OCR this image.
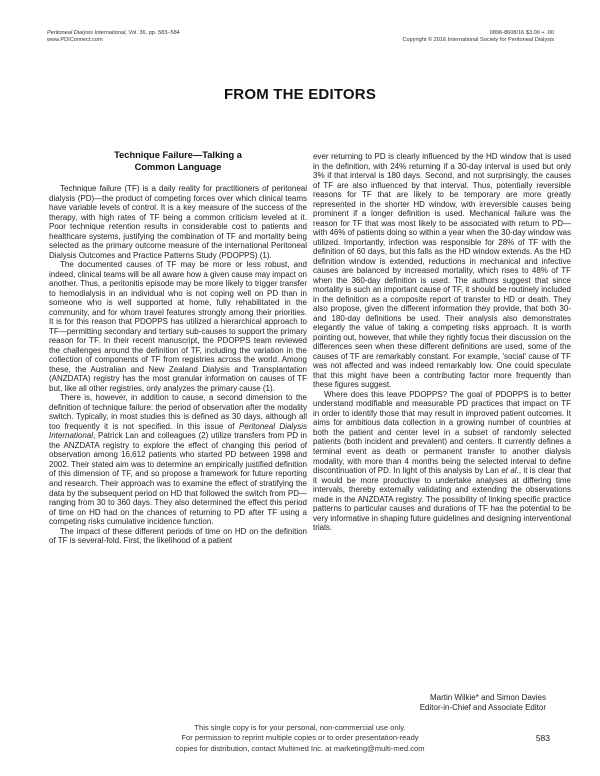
Peritoneal Dialysis International, Vol. 36, pp. 583–584
www.PDIConnect.com
0896-8608/16 $3.00 + .00
Copyright © 2016 International Society for Peritoneal Dialysis
FROM THE EDITORS
Technique Failure—Talking a
Common Language

Technique failure (TF) is a daily reality for practitioners of peritoneal dialysis (PD)—the product of competing forces over which clinical teams have variable levels of control. It is a key measure of the success of the therapy, with high rates of TF being a common criticism leveled at it. Poor technique retention results in considerable cost to patients and healthcare systems, justifying the combination of TF and mortality being selected as the primary outcome measure of the international Peritoneal Dialysis Outcomes and Practice Patterns Study (PDOPPS) (1).

The documented causes of TF may be more or less robust, and indeed, clinical teams will be all aware how a given cause may impact on another. Thus, a peritonitis episode may be more likely to trigger transfer to hemodialysis in an individual who is not coping well on PD than in someone who is well supported at home, fully rehabilitated in the community, and for whom travel features strongly among their priorities. It is for this reason that PDOPPS has utilized a hierarchical approach to TF—permitting secondary and tertiary sub-causes to support the primary reason for TF. In their recent manuscript, the PDOPPS team reviewed the challenges around the definition of TF, including the variation in the collection of components of TF from registries across the world. Among these, the Australian and New Zealand Dialysis and Transplantation (ANZDATA) registry has the most granular information on causes of TF but, like all other registries, only analyzes the primary cause (1).

There is, however, in addition to cause, a second dimension to the definition of technique failure: the period of observation after the modality switch. Typically, in most studies this is defined as 30 days, although all too frequently it is not specified. In this issue of Peritoneal Dialysis International, Patrick Lan and colleagues (2) utilize transfers from PD in the ANZDATA registry to explore the effect of changing this period of observation among 16,612 patients who started PD between 1998 and 2002. Their stated aim was to determine an empirically justified definition of this dimension of TF, and so propose a framework for future reporting and research. Their approach was to examine the effect of stratifying the data by the subsequent period on HD that followed the switch from PD—ranging from 30 to 360 days. They also determined the effect this period of time on HD had on the chances of returning to PD after TF using a competing risks cumulative incidence function.

The impact of these different periods of time on HD on the definition of TF is several-fold. First, the likelihood of a patient

ever returning to PD is clearly influenced by the HD window that is used in the definition, with 24% returning if a 30-day interval is used but only 3% if that interval is 180 days. Second, and not surprisingly, the causes of TF are also influenced by that interval. Thus, potentially reversible reasons for TF that are likely to be temporary are more greatly represented in the shorter HD window, with irreversible causes being prominent if a longer definition is used. Mechanical failure was the reason for TF that was most likely to be associated with return to PD—with 46% of patients doing so within a year when the 30-day window was utilized. Importantly, infection was responsible for 28% of TF with the definition of 60 days, but this falls as the HD window extends. As the HD definition window is extended, reductions in mechanical and infective causes are balanced by increased mortality, which rises to 48% of TF when the 360-day definition is used. The authors suggest that since mortality is such an important cause of TF, it should be routinely included in the definition as a composite report of transfer to HD or death. They also propose, given the different information they provide, that both 30- and 180-day definitions be used. Their analysis also demonstrates elegantly the value of taking a competing risks approach. It is worth pointing out, however, that while they rightly focus their discussion on the differences seen when these different definitions are used, some of the causes of TF are remarkably constant. For example, 'social' cause of TF was not affected and was indeed remarkably low. One could speculate that this might have been a contributing factor more frequently than these figures suggest.

Where does this leave PDOPPS? The goal of PDOPPS is to better understand modifiable and measurable PD practices that impact on TF in order to identify those that may result in improved patient outcomes. It aims for ambitious data collection in a growing number of countries at both the patient and center level in a subset of randomly selected patients (both incident and prevalent) and centers. It currently defines a terminal event as death or permanent transfer to another dialysis modality, with more than 4 months being the selected interval to define discontinuation of PD. In light of this analysis by Lan et al., it is clear that it would be more productive to undertake analyses at differing time intervals, thereby externally validating and extending the observations made in the ANZDATA registry. The possibility of linking specific practice patterns to particular causes and durations of TF has the potential to be very informative in shaping future guidelines and designing interventional trials.

Martin Wilkie* and Simon Davies
Editor-in-Chief and Associate Editor
This single copy is for your personal, non-commercial use only.
For permission to reprint multiple copies or to order presentation-ready
copies for distribution, contact Multimed Inc. at marketing@multi-med.com
583
